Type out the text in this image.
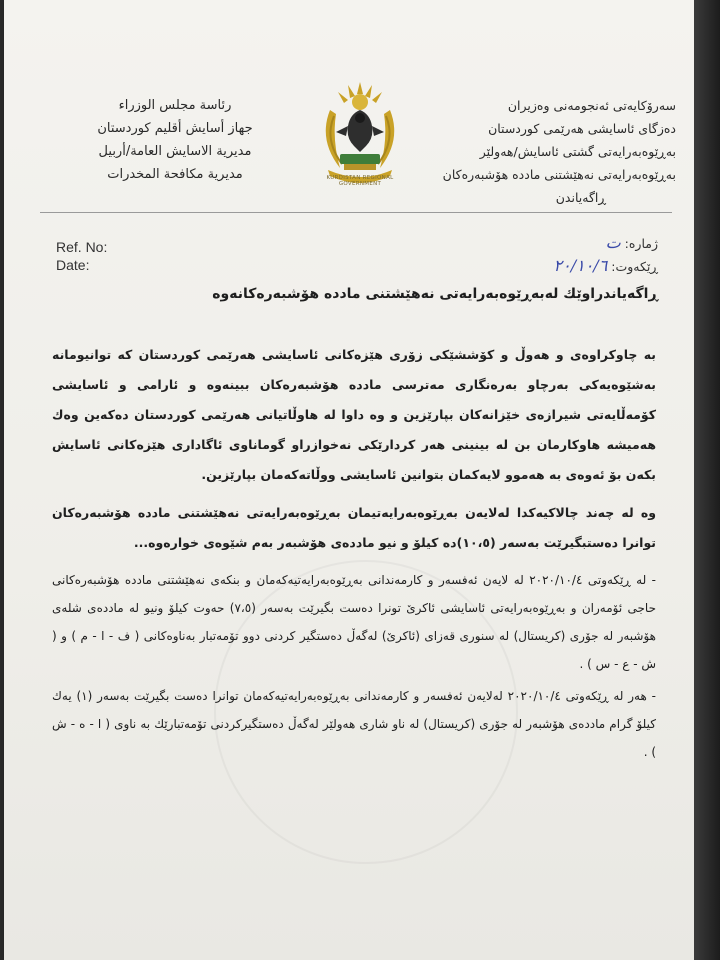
رئاسة مجلس الوزراء
جهاز أسايش أقليم كوردستان
مديرية الاسايش العامة/أربيل
مديرية مكافحة المخدرات	KURDISTAN REGIONAL GOVERNMENT
سەرۆکایەتی ئەنجومەنی وەزیران
دەزگای ئاسایشی هەرێمی کوردستان
بەڕێوەبەرایەتی گشتی ئاسایش/هەولێر
بەڕێوەبەرایەتی نەهێشتنی مادده هۆشبەرەکان
ڕاگەیاندن
Ref. No:
Date:
ژمارە: ت
ڕێکەوت: ٢٠/١٠/٦
ڕاگەیاندراوێك لەبەڕێوەبەرایەتی نەهێشتنی مادده هۆشبەرەکانەوە

بە چاوکراوەی و هەوڵ و کۆششێکی زۆری هێزەکانی ئاسایشی هەرێمی کوردستان کە توانیومانە بەشێوەیەکی بەرچاو بەرەنگاری مەترسی مادده هۆشبەرەکان ببینەوە و ئارامی و ئاسایشی کۆمەڵایەتی شیرازەی خێزانەکان بپارێزین و وە داوا لە هاوڵاتیانی هەرێمی کوردستان دەکەین وەك هەمیشە هاوکارمان بن لە بینینی هەر کردارێکی نەخوازراو گوماناوی ئاگاداری هێزەکانی ئاسایش بکەن بۆ ئەوەی بە هەموو لایەکمان بتوانین ئاسایشی ووڵاتەکەمان بپارێزین.

وە لە چەند چالاکیەکدا لەلایەن بەڕێوەبەرایەتیمان بەڕێوەبەرایەتی نەهێشتنی مادده هۆشبەرەکان توانرا دەستبگیرێت بەسەر (١٠،٥)دە کیلۆ و نیو ماددەی هۆشبەر بەم شێوەی خوارەوە...

- لە ڕێکەوتی ٢٠٢٠/١٠/٤ لە لایەن ئەفسەر و کارمەندانی بەڕێوەبەرایەتیەکەمان و بنکەی نەهێشتنی مادده هۆشبەرەکانی حاجی ئۆمەران و بەڕێوەبەرایەتی ئاسایشی ئاکرێ تونرا دەست بگیرێت بەسەر (٧،٥) حەوت کیلۆ ونیو لە ماددەی شلەی هۆشبەر لە جۆری (کریستال) لە سنوری قەزای (ئاکرێ) لەگەڵ دەستگیر کردنی دوو تۆمەتبار بەناوەکانی ( ف - ا - م ) و ( ش - ع - س ) .

- هەر لە ڕێکەوتی ٢٠٢٠/١٠/٤ لەلایەن ئەفسەر و کارمەندانی بەڕێوەبەرایەتیەکەمان توانرا دەست بگیرێت بەسەر (١) یەك کیلۆ گرام ماددەی هۆشبەر لە جۆری (کریستال) لە ناو شاری هەولێر لەگەڵ دەستگیرکردنی تۆمەتبارێك بە ناوی ( ا - ه - ش ) .
